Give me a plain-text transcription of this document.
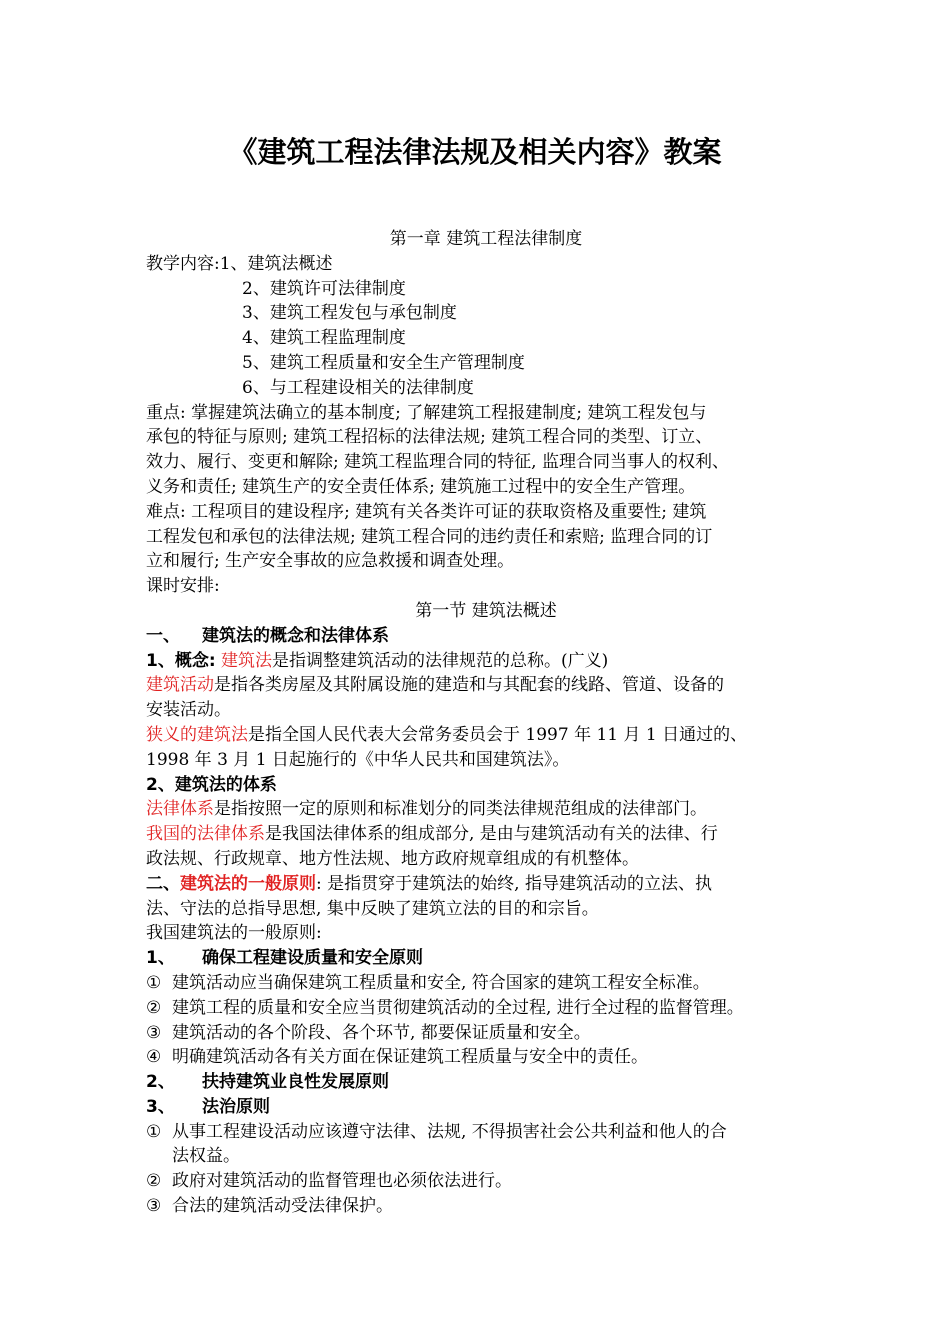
《建筑工程法律法规及相关内容》教案

第一章 建筑工程法律制度

教学内容:1、建筑法概述

2、建筑许可法律制度

3、建筑工程发包与承包制度

4、建筑工程监理制度

5、建筑工程质量和安全生产管理制度

6、与工程建设相关的法律制度

重点: 掌握建筑法确立的基本制度; 了解建筑工程报建制度; 建筑工程发包与

承包的特征与原则; 建筑工程招标的法律法规; 建筑工程合同的类型、订立、

效力、履行、变更和解除; 建筑工程监理合同的特征, 监理合同当事人的权利、

义务和责任; 建筑生产的安全责任体系; 建筑施工过程中的安全生产管理。

难点: 工程项目的建设程序; 建筑有关各类许可证的获取资格及重要性; 建筑

工程发包和承包的法律法规; 建筑工程合同的违约责任和索赔; 监理合同的订

立和履行; 生产安全事故的应急救援和调查处理。

课时安排:

第一节 建筑法概述

一、 建筑法的概念和法律体系

1、概念: 建筑法是指调整建筑活动的法律规范的总称。(广义)

建筑活动是指各类房屋及其附属设施的建造和与其配套的线路、管道、设备的

安装活动。

狭义的建筑法是指全国人民代表大会常务委员会于 1997 年 11 月 1 日通过的、

1998 年 3 月 1 日起施行的《中华人民共和国建筑法》。

2、建筑法的体系

法律体系是指按照一定的原则和标准划分的同类法律规范组成的法律部门。

我国的法律体系是我国法律体系的组成部分, 是由与建筑活动有关的法律、行

政法规、行政规章、地方性法规、地方政府规章组成的有机整体。

二、建筑法的一般原则: 是指贯穿于建筑法的始终, 指导建筑活动的立法、执

法、守法的总指导思想, 集中反映了建筑立法的目的和宗旨。

我国建筑法的一般原则:

1、 确保工程建设质量和安全原则

① 建筑活动应当确保建筑工程质量和安全, 符合国家的建筑工程安全标准。

② 建筑工程的质量和安全应当贯彻建筑活动的全过程, 进行全过程的监督管理。

③ 建筑活动的各个阶段、各个环节, 都要保证质量和安全。

④ 明确建筑活动各有关方面在保证建筑工程质量与安全中的责任。

2、 扶持建筑业良性发展原则

3、 法治原则

① 从事工程建设活动应该遵守法律、法规, 不得损害社会公共利益和他人的合

法权益。

② 政府对建筑活动的监督管理也必须依法进行。

③ 合法的建筑活动受法律保护。
